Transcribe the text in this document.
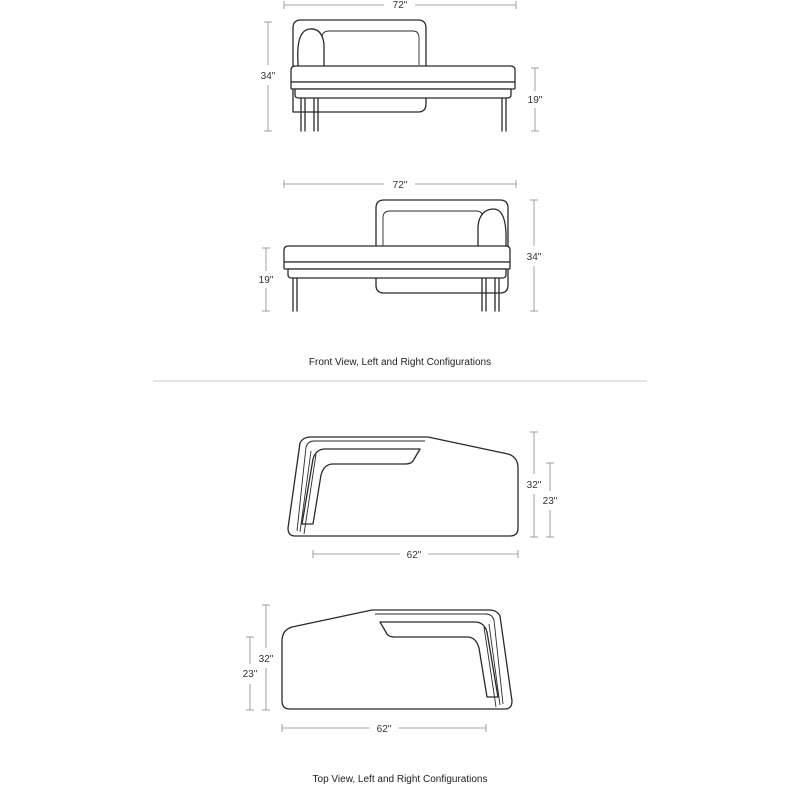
72"
34"
19"
72"
34"
19"
Front View, Left and Right Configurations
32"
23"
62"
32"
23"
62"
Top View, Left and Right Configurations
